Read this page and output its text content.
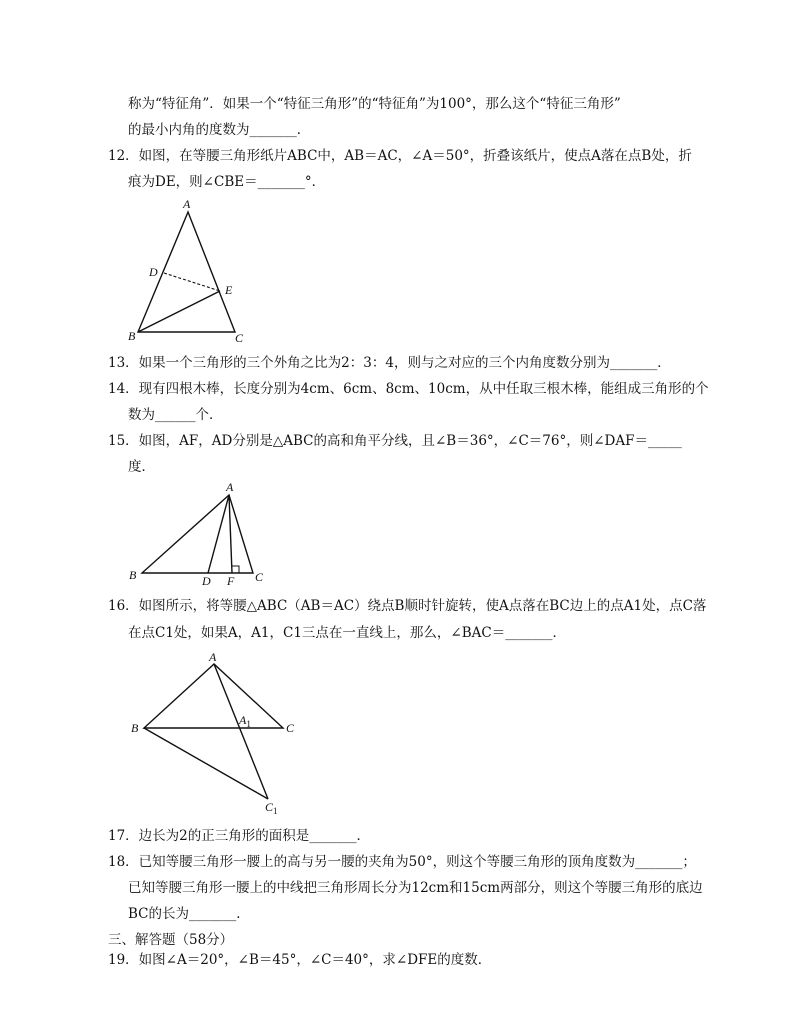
称为“特征角”．如果一个“特征三角形”的“特征角”为100°，那么这个“特征三角形”
的最小内角的度数为_______．
12．如图，在等腰三角形纸片ABC中，AB＝AC，∠A＝50°，折叠该纸片，使点A落在点B处，折
痕为DE，则∠CBE＝_______°．
A
D
E
B	C
13．如果一个三角形的三个外角之比为2：3：4，则与之对应的三个内角度数分别为_______．
14．现有四根木棒，长度分别为4cm、6cm、8cm、10cm，从中任取三根木棒，能组成三角形的个
数为______个．
15．如图，AF，AD分别是△ABC的高和角平分线，且∠B＝36°，∠C＝76°，则∠DAF＝_____
度．
A
B	D F C
16．如图所示，将等腰△ABC（AB＝AC）绕点B顺时针旋转，使A点落在BC边上的点A1处，点C落
在点C1处，如果A，A1，C1三点在一直线上，那么，∠BAC＝_______．
A
B	C
$A_1$
$C_1$
17．边长为2的正三角形的面积是_______．
18．已知等腰三角形一腰上的高与另一腰的夹角为50°，则这个等腰三角形的顶角度数为_______；
已知等腰三角形一腰上的中线把三角形周长分为12cm和15cm两部分，则这个等腰三角形的底边
BC的长为_______．
三、解答题（58分）
19．如图∠A＝20°，∠B＝45°，∠C＝40°，求∠DFE的度数．
